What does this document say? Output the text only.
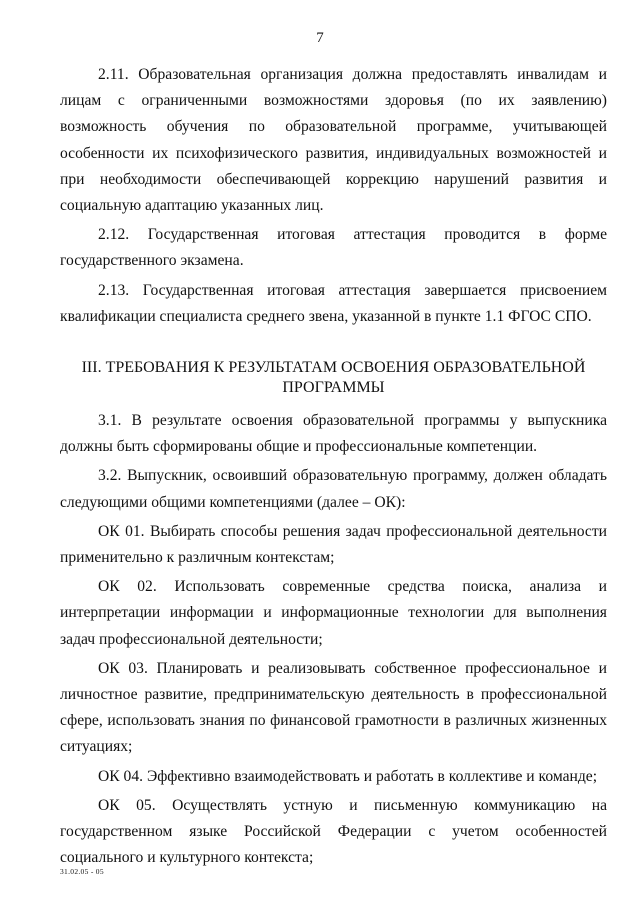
7

2.11. Образовательная организация должна предоставлять инвалидам и лицам с ограниченными возможностями здоровья (по их заявлению) возможность обучения по образовательной программе, учитывающей особенности их психофизического развития, индивидуальных возможностей и при необходимости обеспечивающей коррекцию нарушений развития и социальную адаптацию указанных лиц.

2.12. Государственная итоговая аттестация проводится в форме государственного экзамена.

2.13. Государственная итоговая аттестация завершается присвоением квалификации специалиста среднего звена, указанной в пункте 1.1 ФГОС СПО.

III. ТРЕБОВАНИЯ К РЕЗУЛЬТАТАМ ОСВОЕНИЯ ОБРАЗОВАТЕЛЬНОЙ
ПРОГРАММЫ

3.1. В результате освоения образовательной программы у выпускника должны быть сформированы общие и профессиональные компетенции.

3.2. Выпускник, освоивший образовательную программу, должен обладать следующими общими компетенциями (далее – ОК):

ОК 01. Выбирать способы решения задач профессиональной деятельности применительно к различным контекстам;

ОК 02. Использовать современные средства поиска, анализа и интерпретации информации и информационные технологии для выполнения задач профессиональной деятельности;

ОК 03. Планировать и реализовывать собственное профессиональное и личностное развитие, предпринимательскую деятельность в профессиональной сфере, использовать знания по финансовой грамотности в различных жизненных ситуациях;

ОК 04. Эффективно взаимодействовать и работать в коллективе и команде;

ОК 05. Осуществлять устную и письменную коммуникацию на государственном языке Российской Федерации с учетом особенностей социального и культурного контекста;

31.02.05 - 05
